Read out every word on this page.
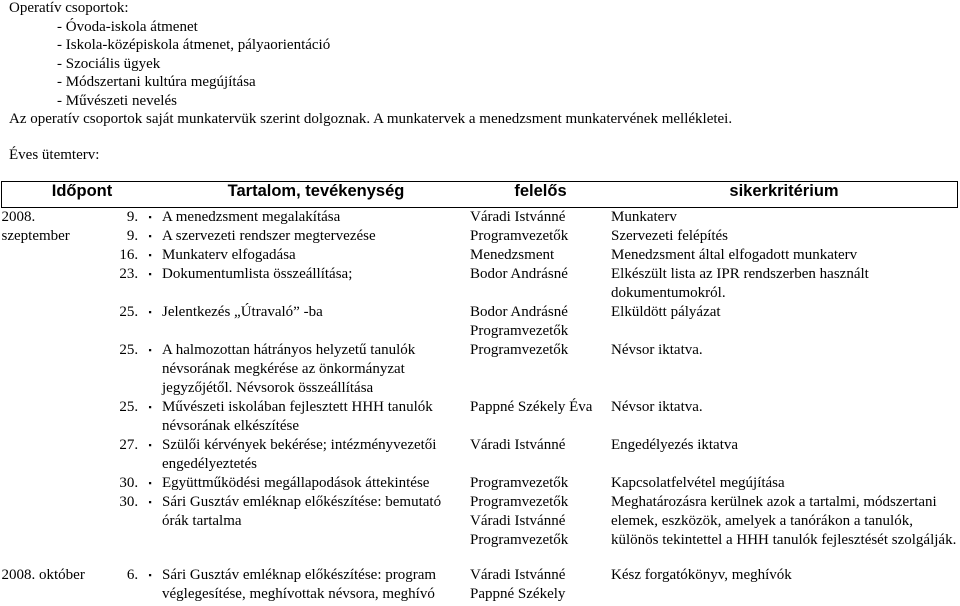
Operatív csoportok:
- Óvoda-iskola átmenet
- Iskola-középiskola átmenet, pályaorientáció
- Szociális ügyek
- Módszertani kultúra megújítása
- Művészeti nevelés
Az operatív csoportok saját munkatervük szerint dolgoznak. A munkatervek a menedzsment munkatervének mellékletei.
Éves ütemterv:
Időpont			Tartalom, tevékenység	felelős	sikerkritérium
2008.	9.	▪	A menedzsment megalakítása	Váradi Istvánné	Munkaterv
szeptember	9.	▪	A szervezeti rendszer megtervezése	Programvezetők	Szervezeti felépítés
	16.	▪	Munkaterv elfogadása	Menedzsment	Menedzsment által elfogadott munkaterv
	23.	▪	Dokumentumlista összeállítása;	Bodor Andrásné	Elkészült lista az IPR rendszerben használt dokumentumokról.
	25.	▪	Jelentkezés „Útravaló” -ba	Bodor Andrásné Programvezetők	Elküldött pályázat
	25.	▪	A halmozottan hátrányos helyzetű tanulók névsorának megkérése az önkormányzat jegyzőjétől. Névsorok összeállítása	Programvezetők	Névsor iktatva.
	25.	▪	Művészeti iskolában fejlesztett HHH tanulók névsorának elkészítése	Pappné Székely Éva	Névsor iktatva.
	27.	▪	Szülői kérvények bekérése; intézményvezetői engedélyeztetés	Váradi Istvánné	Engedélyezés iktatva
	30.	▪	Együttműködési megállapodások áttekintése	Programvezetők	Kapcsolatfelvétel megújítása
	30.	▪	Sári Gusztáv emléknap előkészítése: bemutató órák tartalma	Programvezetők Váradi Istvánné Programvezetők	Meghatározásra kerülnek azok a tartalmi, módszertani elemek, eszközök, amelyek a tanórákon a tanulók, különös tekintettel a HHH tanulók fejlesztését szolgálják.
2008. október	6.	▪	Sári Gusztáv emléknap előkészítése: program véglegesítése, meghívottak névsora, meghívó	Váradi Istvánné Pappné Székely	Kész forgatókönyv, meghívók
